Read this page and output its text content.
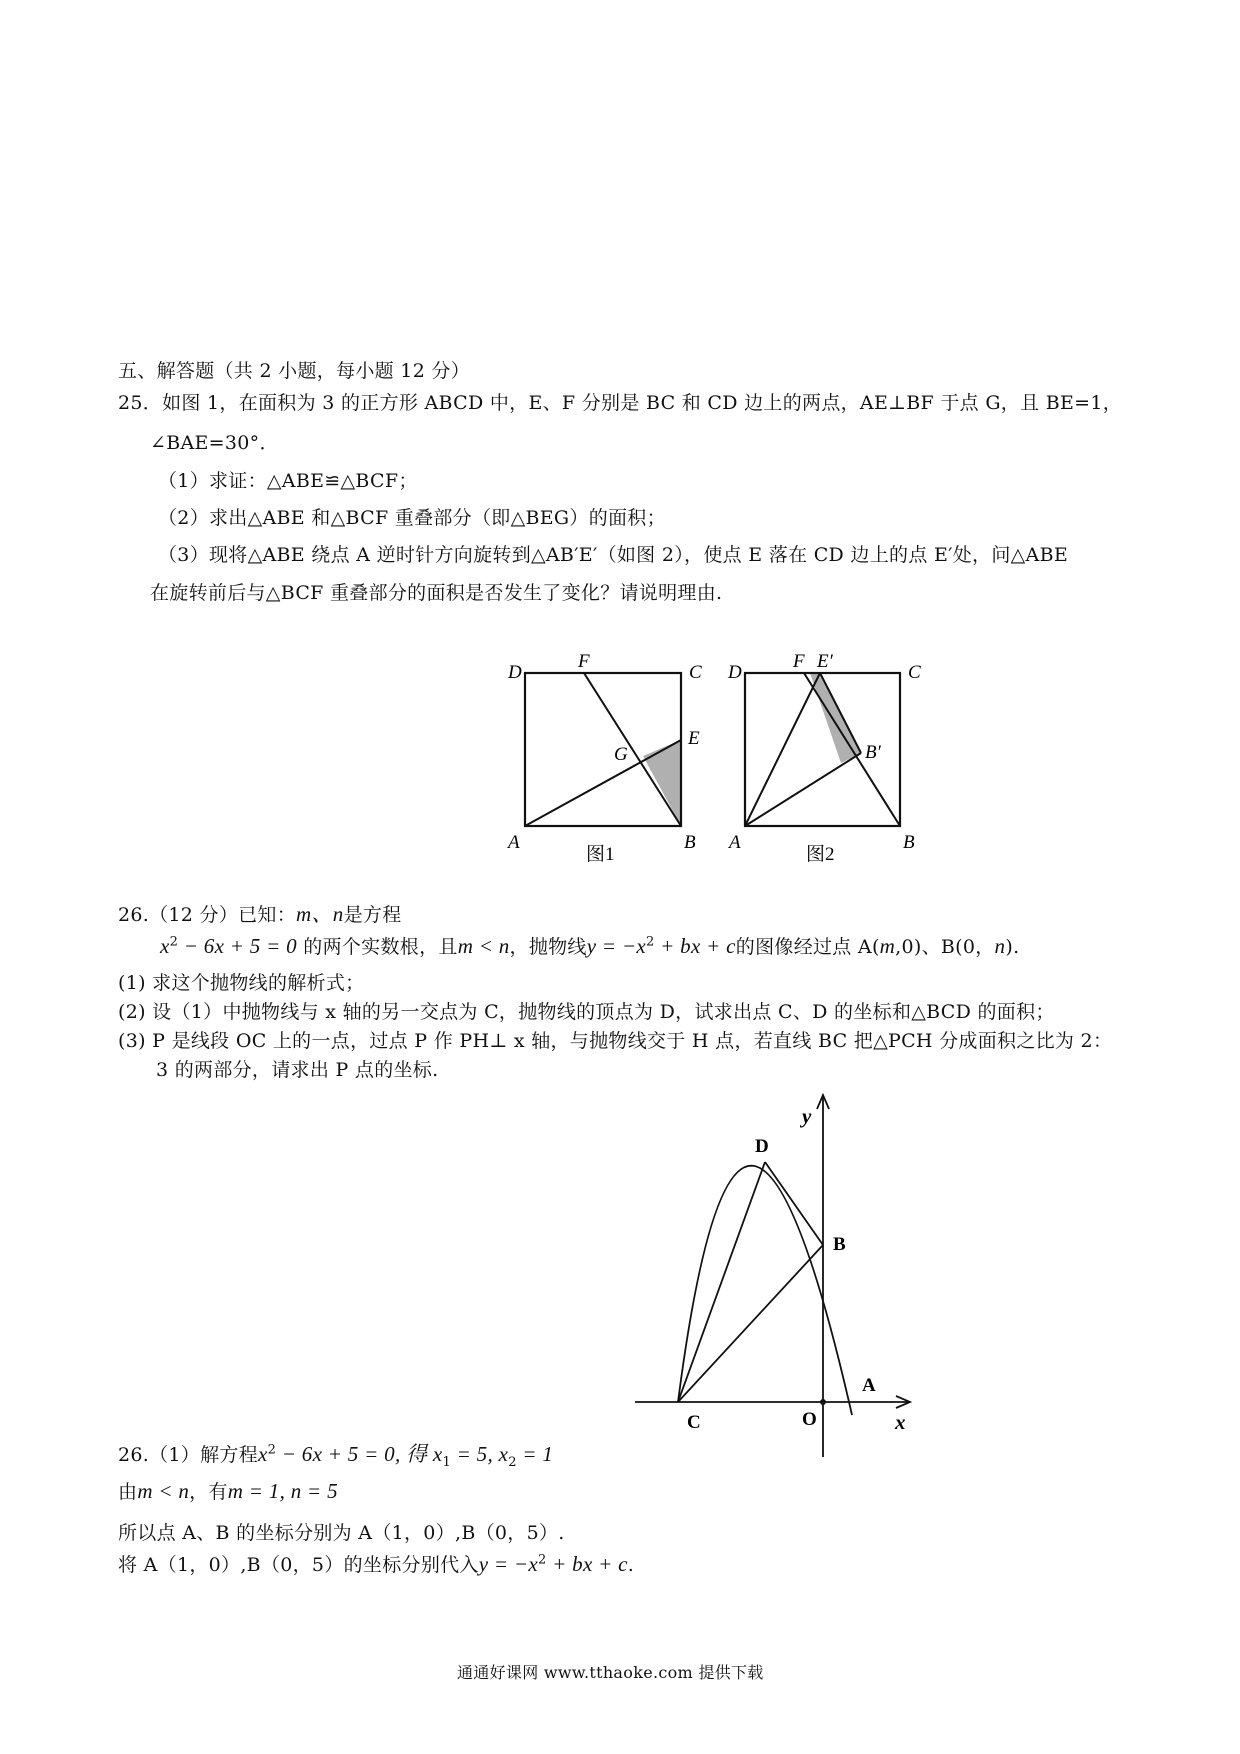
五、解答题（共 2 小题，每小题 12 分）
25．如图 1，在面积为 3 的正方形 ABCD 中，E、F 分别是 BC 和 CD 边上的两点，AE⊥BF 于点 G，且 BE=1，
∠BAE=30°．
（1）求证：△ABE≌△BCF；
（2）求出△ABE 和△BCF 重叠部分（即△BEG）的面积；
（3）现将△ABE 绕点 A 逆时针方向旋转到△AB′E′（如图 2），使点 E 落在 CD 边上的点 E′处，问△ABE
在旋转前后与△BCF 重叠部分的面积是否发生了变化？请说明理由.
D
F
C
E
G
A	B
图1
D
F E′
C
B′
A	B
图2
26.（12 分）已知：m、n是方程
$x^2 - 6x + 5 = 0$ 的两个实数根，且m < n，抛物线$y = -x^2$ + bx + c的图像经过点 A(m,0)、B(0，n).
(1) 求这个抛物线的解析式；
(2) 设（1）中抛物线与 x 轴的另一交点为 C，抛物线的顶点为 D，试求出点 C、D 的坐标和△BCD 的面积；
(3) P 是线段 OC 上的一点，过点 P 作 PH⊥ x 轴，与抛物线交于 H 点，若直线 BC 把△PCH 分成面积之比为 2：
3 的两部分，请求出 P 点的坐标.
D
y
B
A
C	O	x
26.（1）解方程$x^2 - 6x + 5 = 0$, 得 $x_1 = 5$, $x_2 = 1$
由m < n，有m = 1, n = 5
所以点 A、B 的坐标分别为 A（1，0）,B（0，5）.
将 A（1，0）,B（0，5）的坐标分别代入$y = -x^2$ + bx + c.
通通好课网 www.tthaoke.com 提供下载
